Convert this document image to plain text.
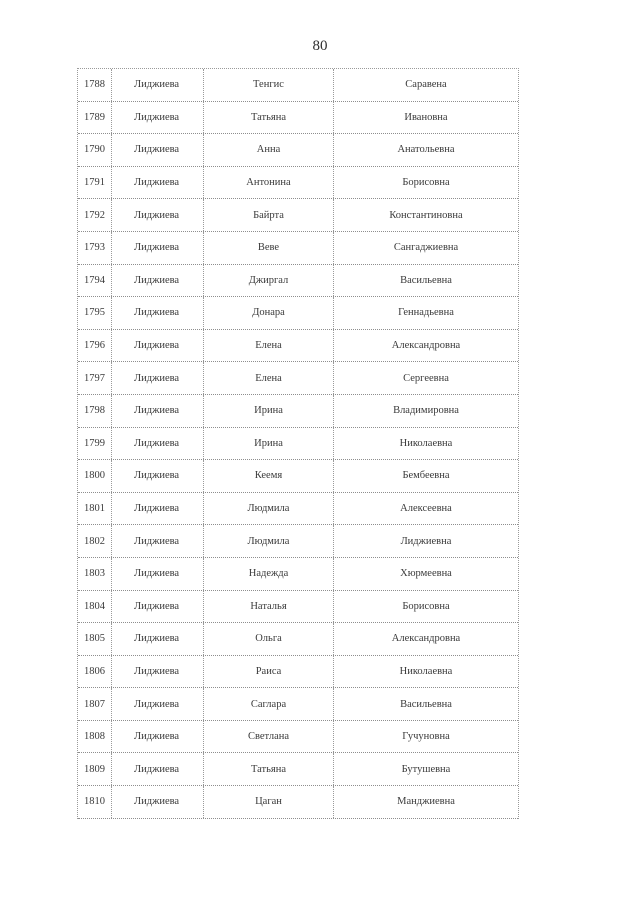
80
1788	Лиджиева	Тенгис	Саравена
1789	Лиджиева	Татьяна	Ивановна
1790	Лиджиева	Анна	Анатольевна
1791	Лиджиева	Антонина	Борисовна
1792	Лиджиева	Байрта	Константиновна
1793	Лиджиева	Веве	Сангаджиевна
1794	Лиджиева	Джиргал	Васильевна
1795	Лиджиева	Донара	Геннадьевна
1796	Лиджиева	Елена	Александровна
1797	Лиджиева	Елена	Сергеевна
1798	Лиджиева	Ирина	Владимировна
1799	Лиджиева	Ирина	Николаевна
1800	Лиджиева	Кеемя	Бембеевна
1801	Лиджиева	Людмила	Алексеевна
1802	Лиджиева	Людмила	Лиджиевна
1803	Лиджиева	Надежда	Хюрмеевна
1804	Лиджиева	Наталья	Борисовна
1805	Лиджиева	Ольга	Александровна
1806	Лиджиева	Раиса	Николаевна
1807	Лиджиева	Саглара	Васильевна
1808	Лиджиева	Светлана	Гучуновна
1809	Лиджиева	Татьяна	Бутушевна
1810	Лиджиева	Цаган	Манджиевна
